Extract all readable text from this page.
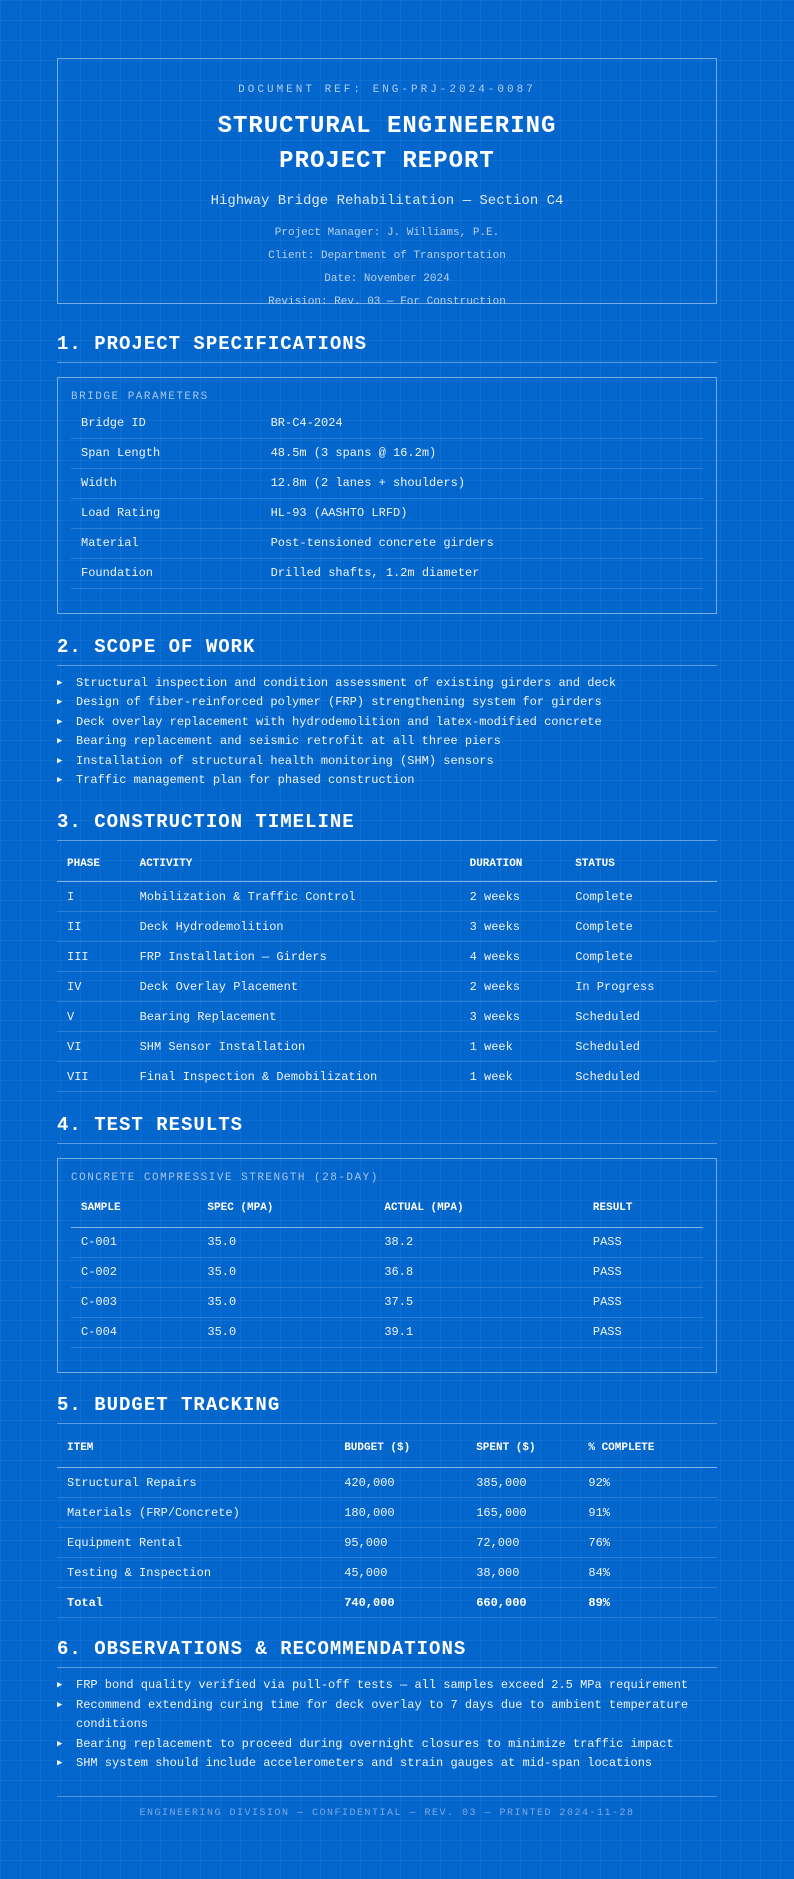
DOCUMENT REF: ENG-PRJ-2024-0087
STRUCTURAL ENGINEERING
PROJECT REPORT
Highway Bridge Rehabilitation — Section C4
Project Manager: J. Williams, P.E.
Client: Department of Transportation
Date: November 2024
Revision: Rev. 03 — For Construction
1. PROJECT SPECIFICATIONS
BRIDGE PARAMETERS
Bridge ID	BR-C4-2024
Span Length	48.5m (3 spans @ 16.2m)
Width	12.8m (2 lanes + shoulders)
Load Rating	HL-93 (AASHTO LRFD)
Material	Post-tensioned concrete girders
Foundation	Drilled shafts, 1.2m diameter
2. SCOPE OF WORK
▶ Structural inspection and condition assessment of existing girders and deck
▶ Design of fiber-reinforced polymer (FRP) strengthening system for girders
▶ Deck overlay replacement with hydrodemolition and latex-modified concrete
▶ Bearing replacement and seismic retrofit at all three piers
▶ Installation of structural health monitoring (SHM) sensors
▶ Traffic management plan for phased construction
3. CONSTRUCTION TIMELINE
PHASE	ACTIVITY	DURATION	STATUS
I	Mobilization & Traffic Control	2 weeks	Complete
II	Deck Hydrodemolition	3 weeks	Complete
III	FRP Installation — Girders	4 weeks	Complete
IV	Deck Overlay Placement	2 weeks	In Progress
V	Bearing Replacement	3 weeks	Scheduled
VI	SHM Sensor Installation	1 week	Scheduled
VII	Final Inspection & Demobilization	1 week	Scheduled
4. TEST RESULTS
CONCRETE COMPRESSIVE STRENGTH (28-DAY)
SAMPLE	SPEC (MPA)	ACTUAL (MPA)	RESULT
C-001	35.0	38.2	PASS
C-002	35.0	36.8	PASS
C-003	35.0	37.5	PASS
C-004	35.0	39.1	PASS
5. BUDGET TRACKING
ITEM	BUDGET ($)	SPENT ($)	% COMPLETE
Structural Repairs	420,000	385,000	92%
Materials (FRP/Concrete)	180,000	165,000	91%
Equipment Rental	95,000	72,000	76%
Testing & Inspection	45,000	38,000	84%
Total	740,000	660,000	89%
6. OBSERVATIONS & RECOMMENDATIONS
▶ FRP bond quality verified via pull-off tests — all samples exceed 2.5 MPa requirement
▶ Recommend extending curing time for deck overlay to 7 days due to ambient temperature conditions
▶ Bearing replacement to proceed during overnight closures to minimize traffic impact
▶ SHM system should include accelerometers and strain gauges at mid-span locations
ENGINEERING DIVISION — CONFIDENTIAL — REV. 03 — PRINTED 2024-11-28
